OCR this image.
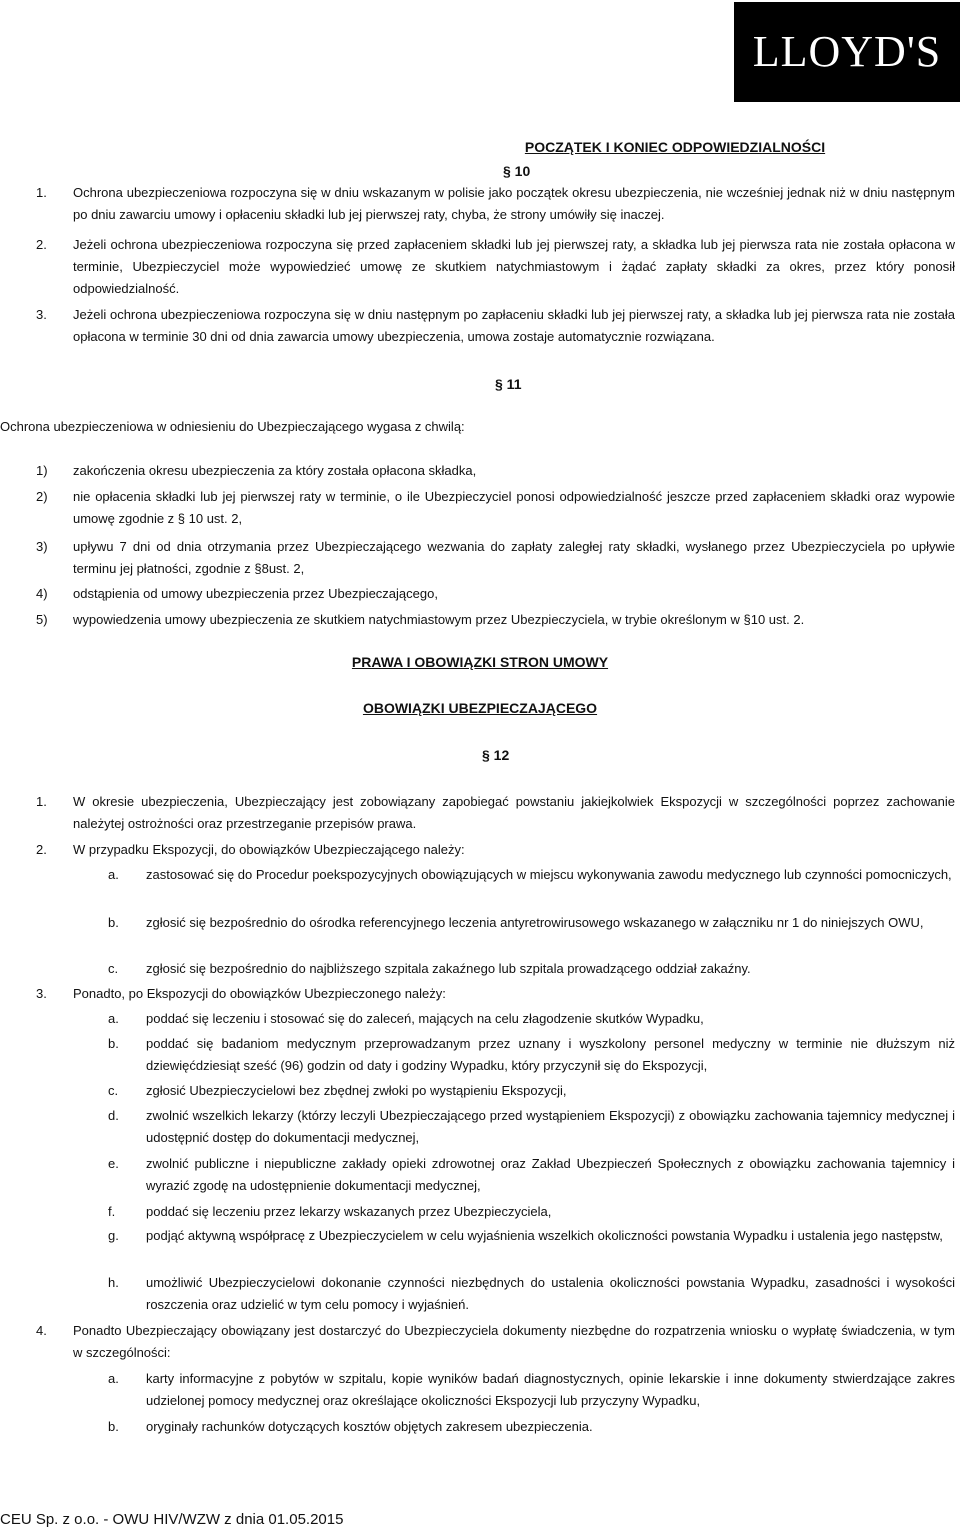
LLOYD'S
POCZĄTEK I KONIEC ODPOWIEDZIALNOŚCI
§ 10
1. Ochrona ubezpieczeniowa rozpoczyna się w dniu wskazanym w polisie jako początek okresu ubezpieczenia, nie wcześniej jednak niż w dniu następnym po dniu zawarciu umowy i opłaceniu składki lub jej pierwszej raty, chyba, że strony umówiły się inaczej.
2. Jeżeli ochrona ubezpieczeniowa rozpoczyna się przed zapłaceniem składki lub jej pierwszej raty, a składka lub jej pierwsza rata nie została opłacona w terminie, Ubezpieczyciel może wypowiedzieć umowę ze skutkiem natychmiastowym i żądać zapłaty składki za okres, przez który ponosił odpowiedzialność.
3. Jeżeli ochrona ubezpieczeniowa rozpoczyna się w dniu następnym po zapłaceniu składki lub jej pierwszej raty, a składka lub jej pierwsza rata nie została opłacona w terminie 30 dni od dnia zawarcia umowy ubezpieczenia, umowa zostaje automatycznie rozwiązana.
§ 11
Ochrona ubezpieczeniowa w odniesieniu do Ubezpieczającego wygasa z chwilą:
1) zakończenia okresu ubezpieczenia za który została opłacona składka,
2) nie opłacenia składki lub jej pierwszej raty w terminie, o ile Ubezpieczyciel ponosi odpowiedzialność jeszcze przed zapłaceniem składki oraz wypowie umowę zgodnie z § 10 ust. 2,
3) upływu 7 dni od dnia otrzymania przez Ubezpieczającego wezwania do zapłaty zaległej raty składki, wysłanego przez Ubezpieczyciela po upływie terminu jej płatności, zgodnie z §8ust. 2,
4) odstąpienia od umowy ubezpieczenia przez Ubezpieczającego,
5) wypowiedzenia umowy ubezpieczenia ze skutkiem natychmiastowym przez Ubezpieczyciela, w trybie określonym w §10 ust. 2.
PRAWA I OBOWIĄZKI STRON UMOWY
OBOWIĄZKI UBEZPIECZAJĄCEGO
§ 12
1. W okresie ubezpieczenia, Ubezpieczający jest zobowiązany zapobiegać powstaniu jakiejkolwiek Ekspozycji w szczególności poprzez zachowanie należytej ostrożności oraz przestrzeganie przepisów prawa.
2. W przypadku Ekspozycji, do obowiązków Ubezpieczającego należy:
a. zastosować się do Procedur poekspozycyjnych obowiązujących w miejscu wykonywania zawodu medycznego lub czynności pomocniczych,
b. zgłosić się bezpośrednio do ośrodka referencyjnego leczenia antyretrowirusowego wskazanego w załączniku nr 1 do niniejszych OWU,
c. zgłosić się bezpośrednio do najbliższego szpitala zakaźnego lub szpitala prowadzącego oddział zakaźny.
3. Ponadto, po Ekspozycji do obowiązków Ubezpieczonego należy:
a. poddać się leczeniu i stosować się do zaleceń, mających na celu złagodzenie skutków Wypadku,
b. poddać się badaniom medycznym przeprowadzanym przez uznany i wyszkolony personel medyczny w terminie nie dłuższym niż dziewięćdziesiąt sześć (96) godzin od daty i godziny Wypadku, który przyczynił się do Ekspozycji,
c. zgłosić Ubezpieczycielowi bez zbędnej zwłoki po wystąpieniu Ekspozycji,
d. zwolnić wszelkich lekarzy (którzy leczyli Ubezpieczającego przed wystąpieniem Ekspozycji) z obowiązku zachowania tajemnicy medycznej i udostępnić dostęp do dokumentacji medycznej,
e. zwolnić publiczne i niepubliczne zakłady opieki zdrowotnej oraz Zakład Ubezpieczeń Społecznych z obowiązku zachowania tajemnicy i wyrazić zgodę na udostępnienie dokumentacji medycznej,
f. poddać się leczeniu przez lekarzy wskazanych przez Ubezpieczyciela,
g. podjąć aktywną współpracę z Ubezpieczycielem w celu wyjaśnienia wszelkich okoliczności powstania Wypadku i ustalenia jego następstw,
h. umożliwić Ubezpieczycielowi dokonanie czynności niezbędnych do ustalenia okoliczności powstania Wypadku, zasadności i wysokości roszczenia oraz udzielić w tym celu pomocy i wyjaśnień.
4. Ponadto Ubezpieczający obowiązany jest dostarczyć do Ubezpieczyciela dokumenty niezbędne do rozpatrzenia wniosku o wypłatę świadczenia, w tym w szczególności:
a. karty informacyjne z pobytów w szpitalu, kopie wyników badań diagnostycznych, opinie lekarskie i inne dokumenty stwierdzające zakres udzielonej pomocy medycznej oraz określające okoliczności Ekspozycji lub przyczyny Wypadku,
b. oryginały rachunków dotyczących kosztów objętych zakresem ubezpieczenia.
CEU Sp. z o.o. - OWU HIV/WZW z dnia 01.05.2015
